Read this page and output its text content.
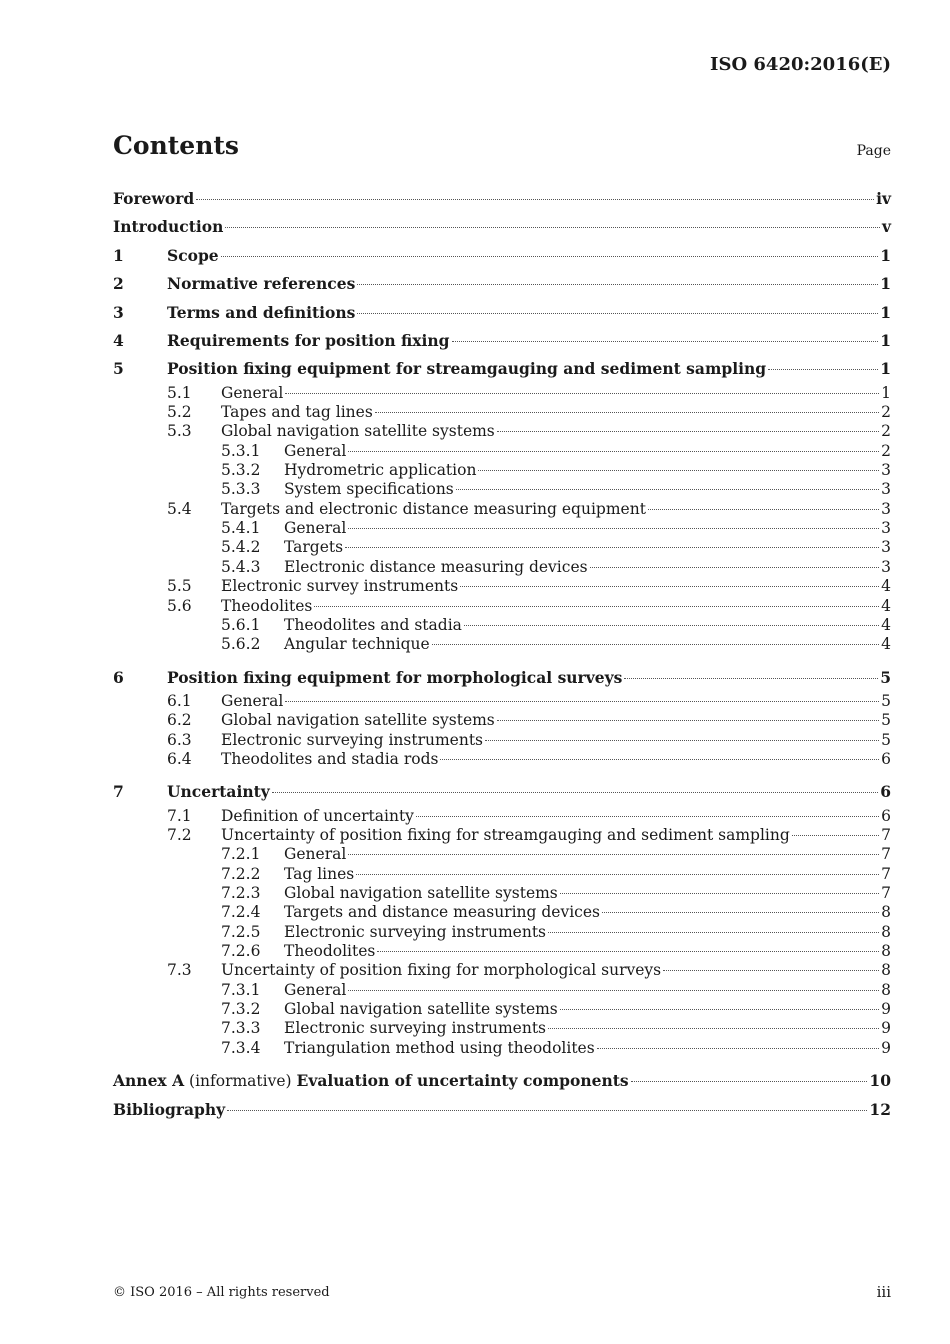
ISO 6420:2016(E)
Contents	Page
Foreword	iv
Introduction	v
1	Scope	1
2	Normative references	1
3	Terms and definitions	1
4	Requirements for position fixing	1
5	Position fixing equipment for streamgauging and sediment sampling	1
5.1	General	1
5.2	Tapes and tag lines	2
5.3	Global navigation satellite systems	2
5.3.1	General	2
5.3.2	Hydrometric application	3
5.3.3	System specifications	3
5.4	Targets and electronic distance measuring equipment	3
5.4.1	General	3
5.4.2	Targets	3
5.4.3	Electronic distance measuring devices	3
5.5	Electronic survey instruments	4
5.6	Theodolites	4
5.6.1	Theodolites and stadia	4
5.6.2	Angular technique	4
6	Position fixing equipment for morphological surveys	5
6.1	General	5
6.2	Global navigation satellite systems	5
6.3	Electronic surveying instruments	5
6.4	Theodolites and stadia rods	6
7	Uncertainty	6
7.1	Definition of uncertainty	6
7.2	Uncertainty of position fixing for streamgauging and sediment sampling	7
7.2.1	General	7
7.2.2	Tag lines	7
7.2.3	Global navigation satellite systems	7
7.2.4	Targets and distance measuring devices	8
7.2.5	Electronic surveying instruments	8
7.2.6	Theodolites	8
7.3	Uncertainty of position fixing for morphological surveys	8
7.3.1	General	8
7.3.2	Global navigation satellite systems	9
7.3.3	Electronic surveying instruments	9
7.3.4	Triangulation method using theodolites	9
Annex A (informative) Evaluation of uncertainty components	10
Bibliography	12
© ISO 2016 – All rights reserved	iii
